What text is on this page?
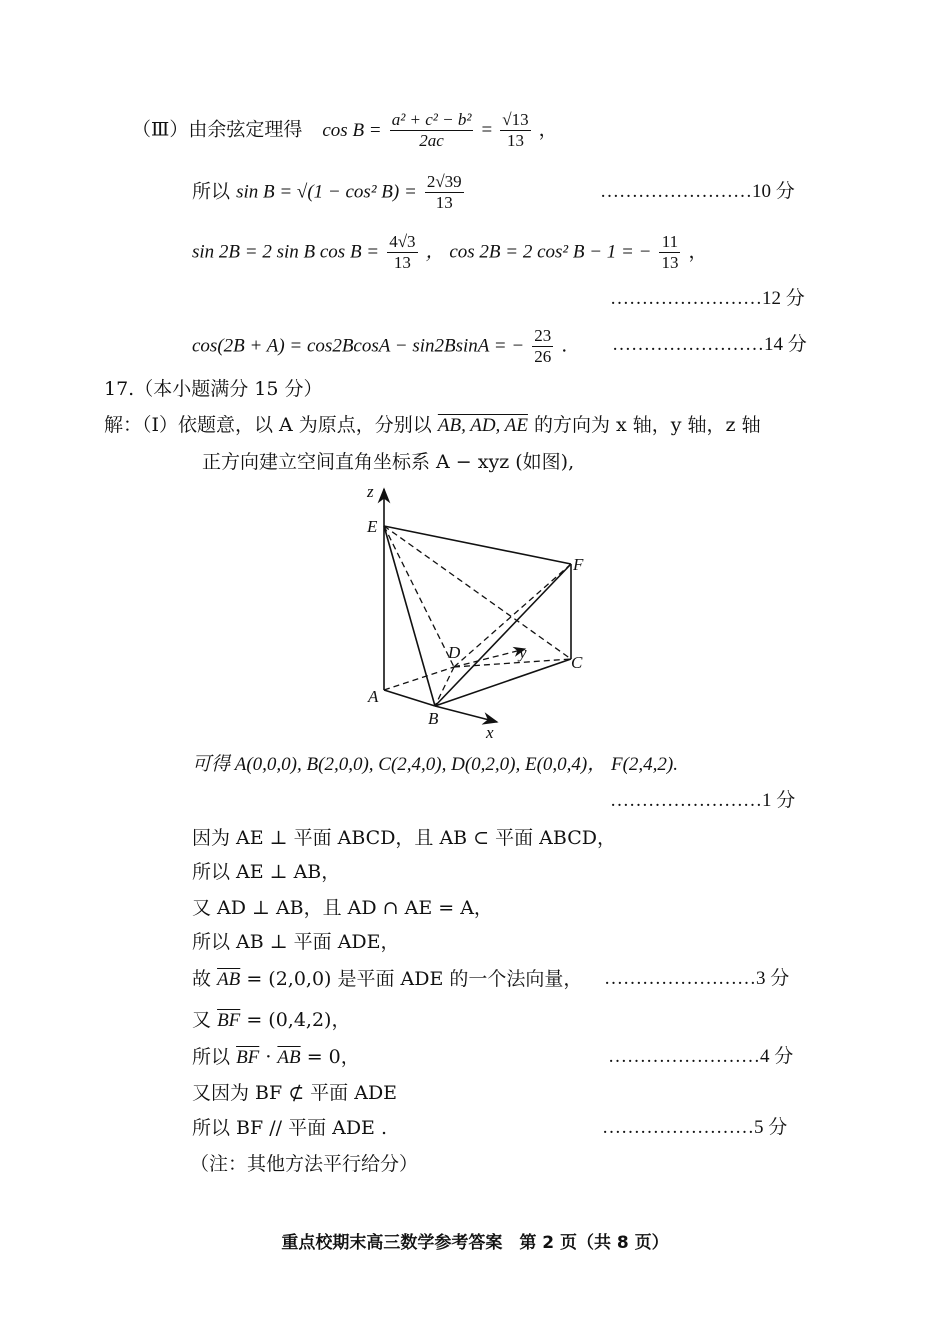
（Ⅲ）由余弦定理得 $\cos B = \frac{\text{a² + c² − b²}}{2ac} = \frac{√13}{13}$ ，
所以 sin B = √(1 − cos² $B) = \frac{2√39}{13}$	……………………10 分
sin 2B = 2 sin B $\cos B = \frac{4√3}{13}$ ， cos 2B = 2 cos² B − 1 = − $\frac{11}{13}$ ，
……………………12 分
cos(2B + A) = cos2BcosA − sin2BsinA = − $\frac{23}{26}$ . ……………………14 分
17.（本小题满分 15 分）
解：（Ⅰ）依题意，以 A 为原点，分别以 AB, AD, AE 的方向为 x 轴，y 轴，z 轴
正方向建立空间直角坐标系 A − xyz (如图),
z
E
F
D	y
C
A
B
x
可得 A(0,0,0), B(2,0,0), C(2,4,0), D(0,2,0), E(0,0,4)， F(2,4,2).
……………………1 分
因为 AE ⊥ 平面 ABCD，且 AB ⊂ 平面 ABCD，
所以 AE ⊥ AB，
又 AD ⊥ AB，且 AD ∩ AE = A，
所以 AB ⊥ 平面 ADE，
故 $\overline{AB} = (2,0,0)$ 是平面 ADE 的一个法向量， ……………………3 分
又 $\overline{BF} = (0,4,2)$，
所以 $\overline{BF} \cdot \overline{AB} = 0$，	……………………4 分
又因为 BF ⊄ 平面 ADE
所以 BF // 平面 ADE .	……………………5 分
（注：其他方法平行给分）
重点校期末高三数学参考答案　第 2 页（共 8 页）
